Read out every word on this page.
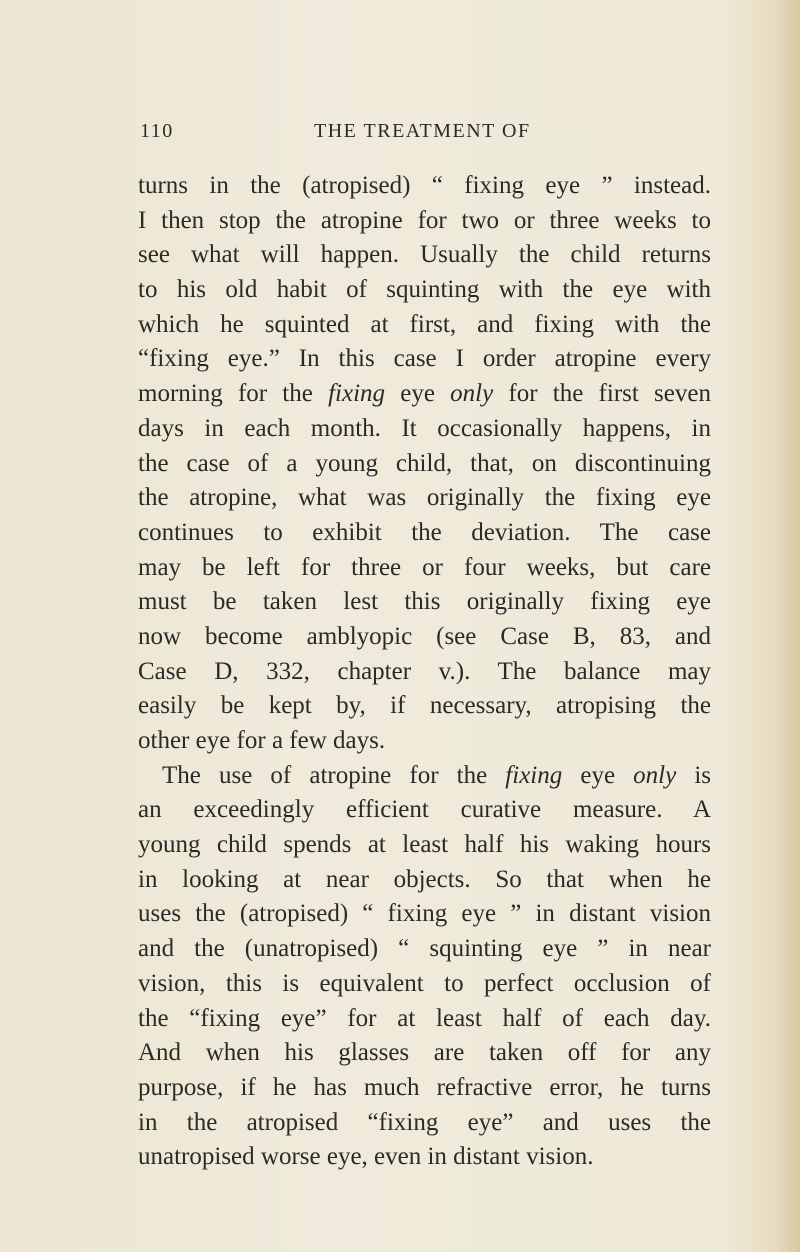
110	THE TREATMENT OF
turns in the (atropised) “ fixing eye ” instead.
I then stop the atropine for two or three weeks to
see what will happen. Usually the child returns
to his old habit of squinting with the eye with
which he squinted at first, and fixing with the
“fixing eye.” In this case I order atropine every
morning for the fixing eye only for the first seven
days in each month. It occasionally happens, in
the case of a young child, that, on discontinuing
the atropine, what was originally the fixing eye
continues to exhibit the deviation. The case
may be left for three or four weeks, but care
must be taken lest this originally fixing eye
now become amblyopic (see Case B, 83, and
Case D, 332, chapter v.). The balance may
easily be kept by, if necessary, atropising the
other eye for a few days.
The use of atropine for the fixing eye only is
an exceedingly efficient curative measure. A
young child spends at least half his waking hours
in looking at near objects. So that when he
uses the (atropised) “ fixing eye ” in distant vision
and the (unatropised) “ squinting eye ” in near
vision, this is equivalent to perfect occlusion of
the “fixing eye” for at least half of each day.
And when his glasses are taken off for any
purpose, if he has much refractive error, he turns
in the atropised “fixing eye” and uses the
unatropised worse eye, even in distant vision.
